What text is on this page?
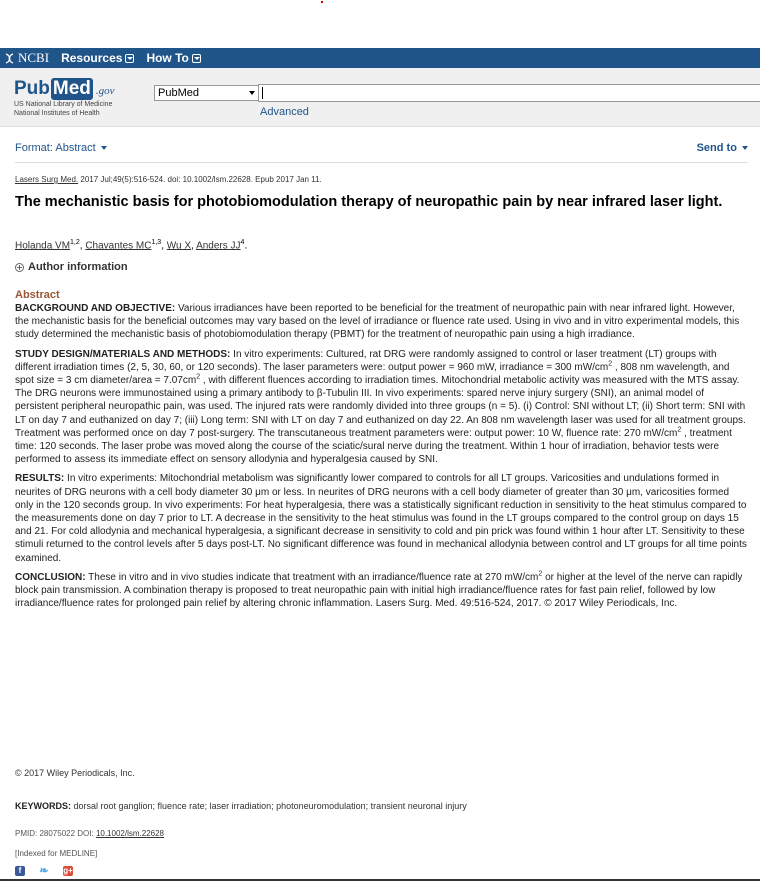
NCBI Resources How To
Pub Med .gov
US National Library of Medicine
National Institutes of Health
PubMed
Advanced
Format: Abstract	Send to
Lasers Surg Med. 2017 Jul;49(5):516-524. doi: 10.1002/lsm.22628. Epub 2017 Jan 11.
The mechanistic basis for photobiomodulation therapy of neuropathic pain by near infrared laser light.
Holanda VM$^{1,2}$, Chavantes MC$^{1,3}$, Wu X, Anders $JJ^4$.
Author information
Abstract

BACKGROUND AND OBJECTIVE: Various irradiances have been reported to be beneficial for the treatment of neuropathic pain with near infrared light. However, the mechanistic basis for the beneficial outcomes may vary based on the level of irradiance or fluence rate used. Using in vivo and in vitro experimental models, this study determined the mechanistic basis of photobiomodulation therapy (PBMT) for the treatment of neuropathic pain using a high irradiance.

STUDY DESIGN/MATERIALS AND METHODS: In vitro experiments: Cultured, rat DRG were randomly assigned to control or laser treatment (LT) groups with different irradiation times (2, 5, 30, 60, or 120 seconds). The laser parameters were: output power = 960 mW, irradiance = 300 $mW/cm^2$ , 808 nm wavelength, and spot size = 3 cm diameter/area = $7.07cm^2$ , with different fluences according to irradiation times. Mitochondrial metabolic activity was measured with the MTS assay. The DRG neurons were immunostained using a primary antibody to β-Tubulin III. In vivo experiments: spared nerve injury surgery (SNI), an animal model of persistent peripheral neuropathic pain, was used. The injured rats were randomly divided into three groups (n = 5). (i) Control: SNI without LT; (ii) Short term: SNI with LT on day 7 and euthanized on day 7; (iii) Long term: SNI with LT on day 7 and euthanized on day 22. An 808 nm wavelength laser was used for all treatment groups. Treatment was performed once on day 7 post-surgery. The transcutaneous treatment parameters were: output power: 10 W, fluence rate: 270 $mW/cm^2$ , treatment time: 120 seconds. The laser probe was moved along the course of the sciatic/sural nerve during the treatment. Within 1 hour of irradiation, behavior tests were performed to assess its immediate effect on sensory allodynia and hyperalgesia caused by SNI.

RESULTS: In vitro experiments: Mitochondrial metabolism was significantly lower compared to controls for all LT groups. Varicosities and undulations formed in neurites of DRG neurons with a cell body diameter 30 μm or less. In neurites of DRG neurons with a cell body diameter of greater than 30 μm, varicosities formed only in the 120 seconds group. In vivo experiments: For heat hyperalgesia, there was a statistically significant reduction in sensitivity to the heat stimulus compared to the measurements done on day 7 prior to LT. A decrease in the sensitivity to the heat stimulus was found in the LT groups compared to the control group on days 15 and 21. For cold allodynia and mechanical hyperalgesia, a significant decrease in sensitivity to cold and pin prick was found within 1 hour after LT. Sensitivity to these stimuli returned to the control levels after 5 days post-LT. No significant difference was found in mechanical allodynia between control and LT groups for all time points examined.

CONCLUSION: These in vitro and in vivo studies indicate that treatment with an irradiance/fluence rate at 270 $mW/cm^2$ or higher at the level of the nerve can rapidly block pain transmission. A combination therapy is proposed to treat neuropathic pain with initial high irradiance/fluence rates for fast pain relief, followed by low irradiance/fluence rates for prolonged pain relief by altering chronic inflammation. Lasers Surg. Med. 49:516-524, 2017. © 2017 Wiley Periodicals, Inc.

© 2017 Wiley Periodicals, Inc.
KEYWORDS: dorsal root ganglion; fluence rate; laser irradiation; photoneuromodulation; transient neuronal injury
PMID: 28075022 DOI: 10.1002/lsm.22628
[Indexed for MEDLINE]
f	❧ g+
